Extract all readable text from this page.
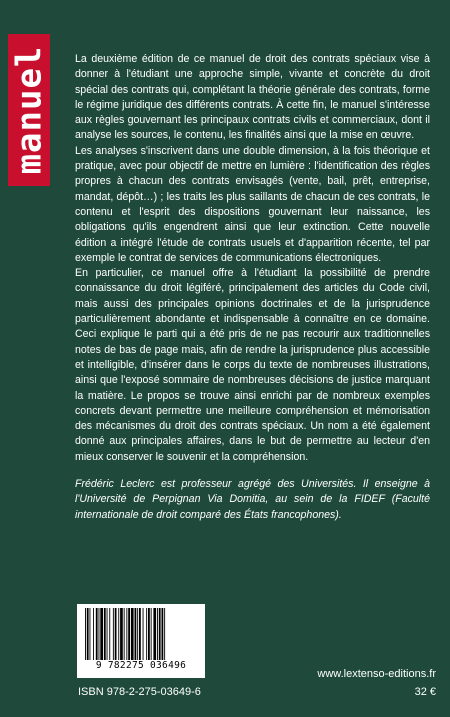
manuel La deuxième édition de ce manuel de droit des contrats spéciaux vise à donner à l'étudiant une approche simple, vivante et concrète du droit spécial des contrats qui, complétant la théorie générale des contrats, forme le régime juridique des différents contrats. À cette fin, le manuel s'intéresse aux règles gouvernant les principaux contrats civils et commerciaux, dont il analyse les sources, le contenu, les finalités ainsi que la mise en œuvre.

Les analyses s'inscrivent dans une double dimension, à la fois théorique et pratique, avec pour objectif de mettre en lumière : l'identification des règles propres à chacun des contrats envisagés (vente, bail, prêt, entreprise, mandat, dépôt…) ; les traits les plus saillants de chacun de ces contrats, le contenu et l'esprit des dispositions gouvernant leur naissance, les obligations qu'ils engendrent ainsi que leur extinction. Cette nouvelle édition a intégré l'étude de contrats usuels et d'apparition récente, tel par exemple le contrat de services de communications électroniques.

En particulier, ce manuel offre à l'étudiant la possibilité de prendre connaissance du droit légiféré, principalement des articles du Code civil, mais aussi des principales opinions doctrinales et de la jurisprudence particulièrement abondante et indispensable à connaître en ce domaine. Ceci explique le parti qui a été pris de ne pas recourir aux traditionnelles notes de bas de page mais, afin de rendre la jurisprudence plus accessible et intelligible, d'insérer dans le corps du texte de nombreuses illustrations, ainsi que l'exposé sommaire de nombreuses décisions de justice marquant la matière. Le propos se trouve ainsi enrichi par de nombreux exemples concrets devant permettre une meilleure compréhension et mémorisation des mécanismes du droit des contrats spéciaux. Un nom a été également donné aux principales affaires, dans le but de permettre au lecteur d'en mieux conserver le souvenir et la compréhension.

Frédéric Leclerc est professeur agrégé des Universités. Il enseigne à l'Université de Perpignan Via Domitia, au sein de la FIDEF (Faculté internationale de droit comparé des États francophones).

9 782275 036496
ISBN 978-2-275-03649-6
www.lextenso-editions.fr
32 €
